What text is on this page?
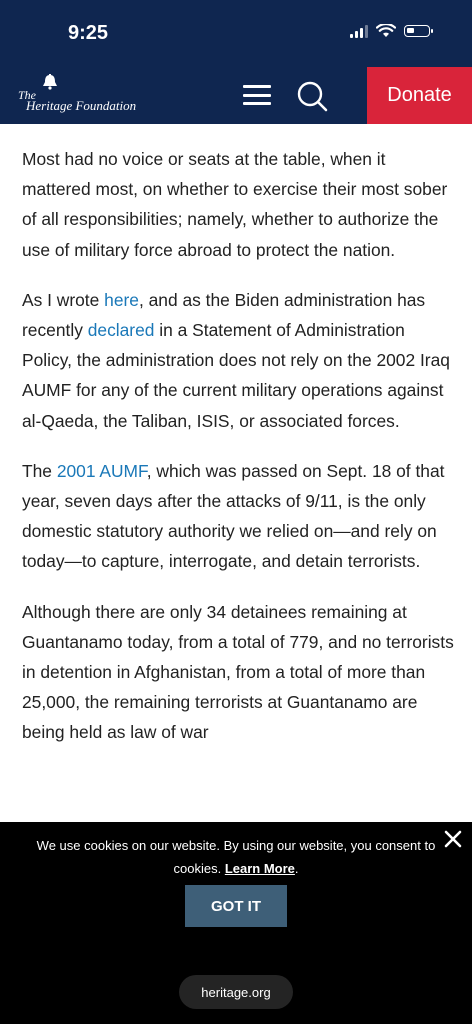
9:25
The
Heritage Foundation	Donate

Most had no voice or seats at the table, when it mattered most, on whether to exercise their most sober of all responsibilities; namely, whether to authorize the use of military force abroad to protect the nation.

As I wrote here, and as the Biden administration has recently declared in a Statement of Administration Policy, the administration does not rely on the 2002 Iraq AUMF for any of the current military operations against al-Qaeda, the Taliban, ISIS, or associated forces.

The 2001 AUMF, which was passed on Sept. 18 of that year, seven days after the attacks of 9/11, is the only domestic statutory authority we relied on—and rely on today—to capture, interrogate, and detain terrorists.

Although there are only 34 detainees remaining at Guantanamo today, from a total of 779, and no terrorists in detention in Afghanistan, from a total of more than 25,000, the remaining terrorists at Guantanamo are being held as law of war

We use cookies on our website. By using our website, you consent to cookies. Learn More.
GOT IT
heritage.org
